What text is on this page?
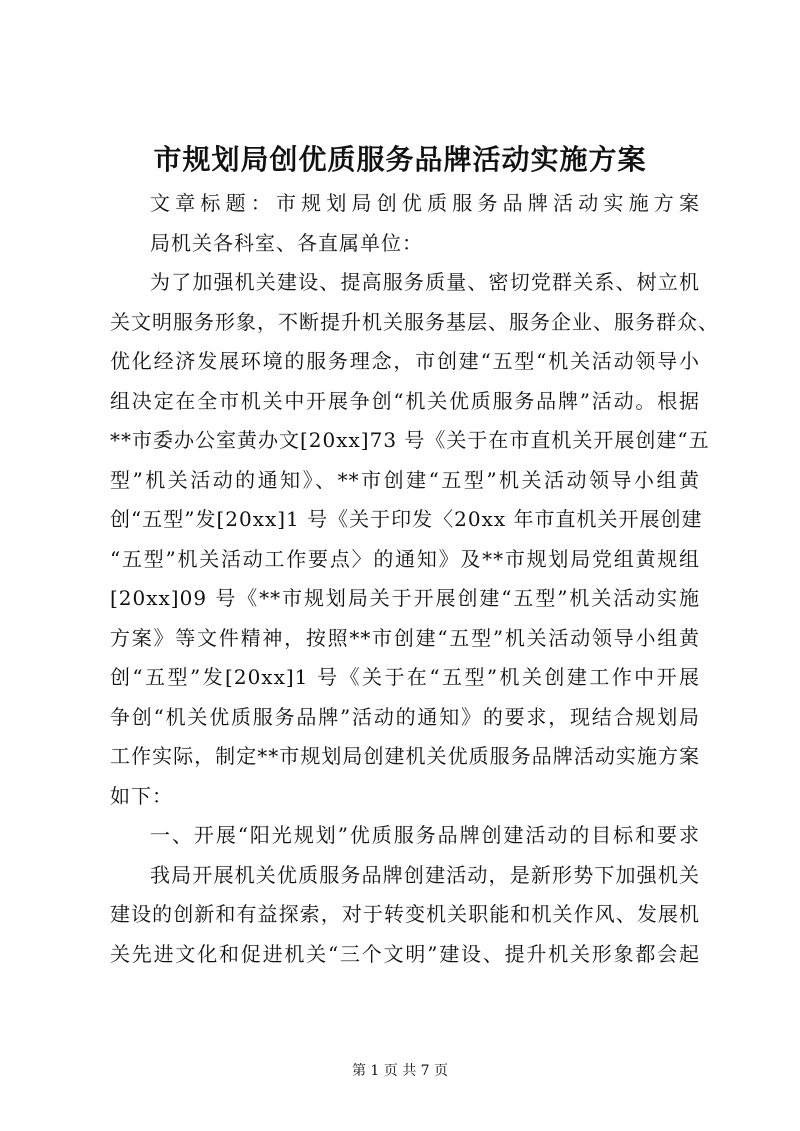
市规划局创优质服务品牌活动实施方案
文章标题：市规划局创优质服务品牌活动实施方案
局机关各科室、各直属单位：
为了加强机关建设、提高服务质量、密切党群关系、树立机
关文明服务形象，不断提升机关服务基层、服务企业、服务群众、
优化经济发展环境的服务理念，市创建“五型“机关活动领导小
组决定在全市机关中开展争创“机关优质服务品牌”活动。根据
**市委办公室黄办文[20xx]73 号《关于在市直机关开展创建“五
型”机关活动的通知》、**市创建“五型”机关活动领导小组黄
创“五型”发[20xx]1 号《关于印发〈20xx 年市直机关开展创建
“五型”机关活动工作要点〉的通知》及**市规划局党组黄规组
[20xx]09 号《**市规划局关于开展创建“五型”机关活动实施
方案》等文件精神，按照**市创建“五型”机关活动领导小组黄
创“五型”发[20xx]1 号《关于在“五型”机关创建工作中开展
争创“机关优质服务品牌”活动的通知》的要求，现结合规划局
工作实际，制定**市规划局创建机关优质服务品牌活动实施方案
如下：
一、开展“阳光规划”优质服务品牌创建活动的目标和要求
我局开展机关优质服务品牌创建活动，是新形势下加强机关
建设的创新和有益探索，对于转变机关职能和机关作风、发展机
关先进文化和促进机关“三个文明”建设、提升机关形象都会起
第 1 页 共 7 页
